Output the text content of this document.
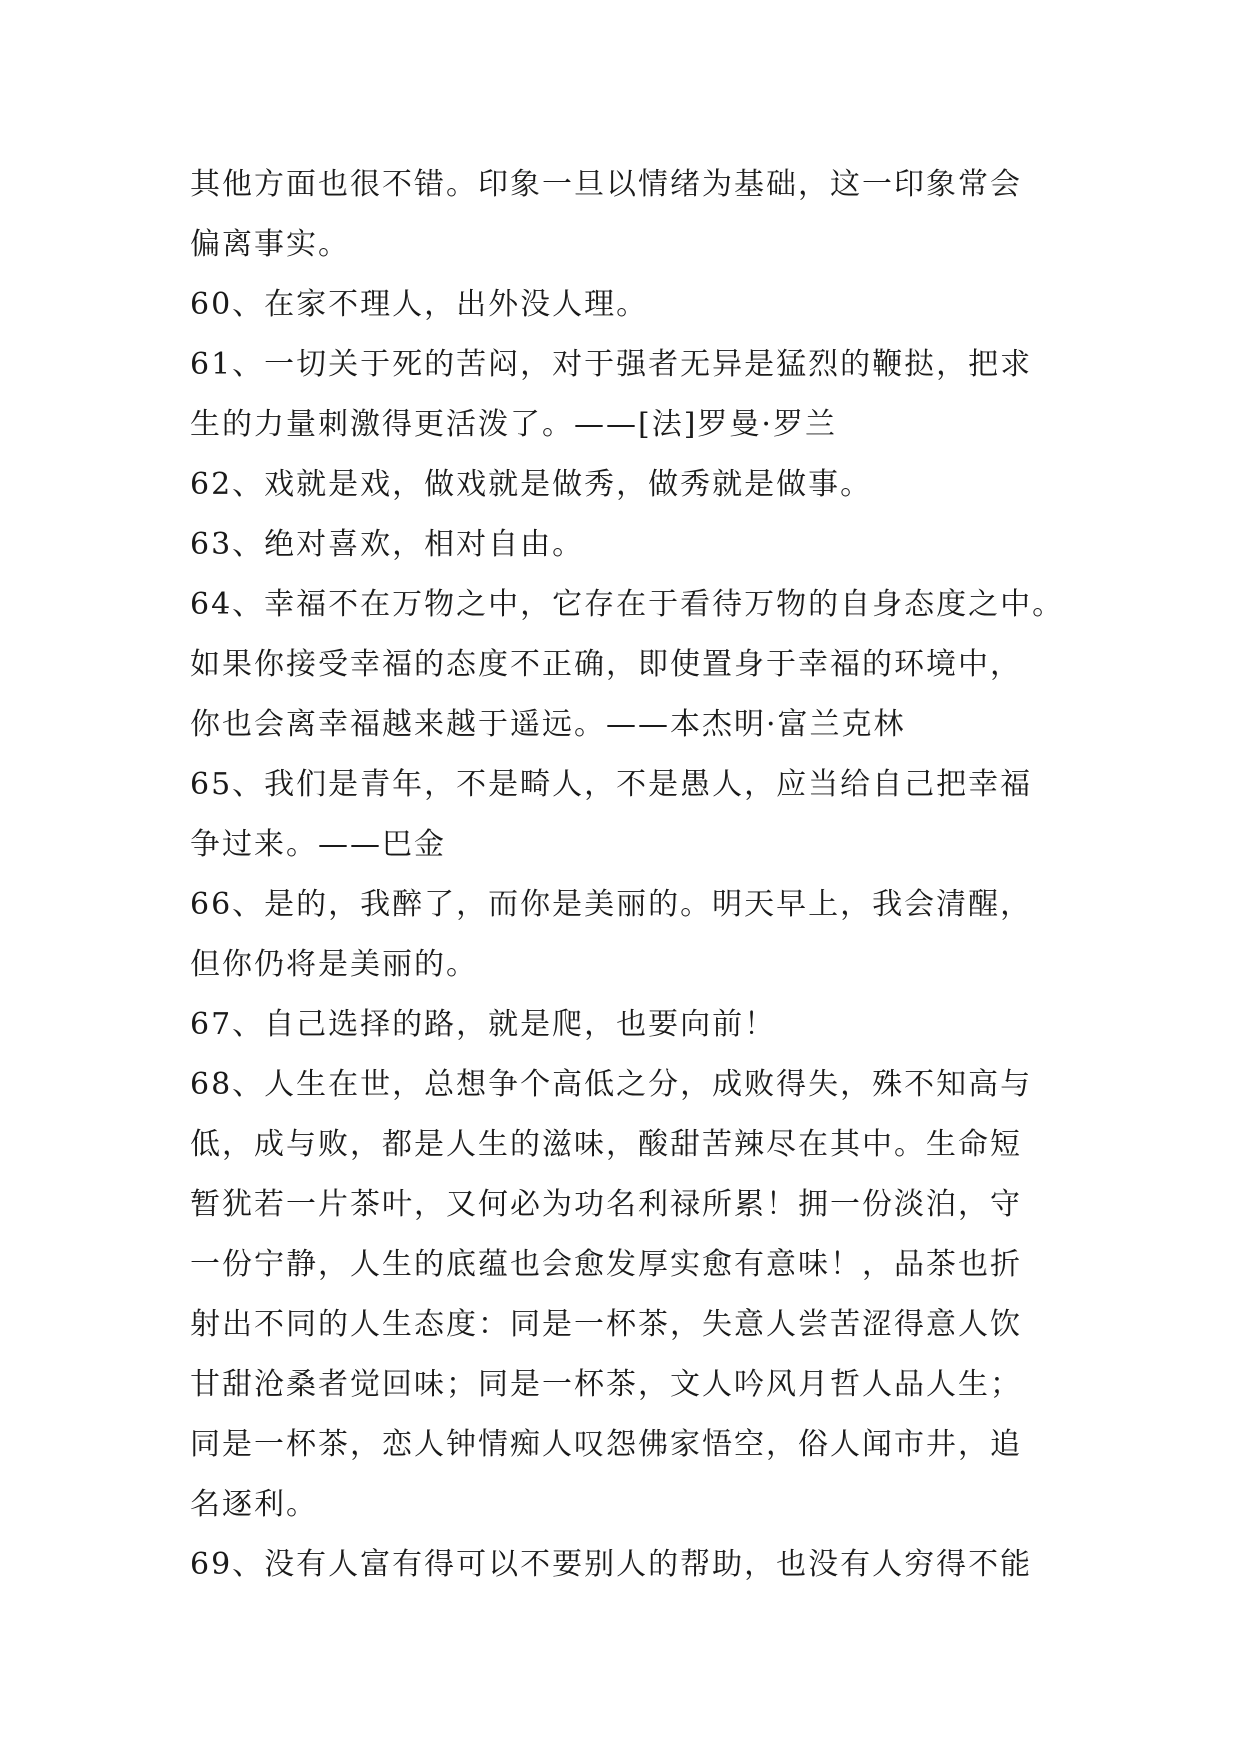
其他方面也很不错。印象一旦以情绪为基础，这一印象常会
偏离事实。
60、在家不理人，出外没人理。
61、一切关于死的苦闷，对于强者无异是猛烈的鞭挞，把求
生的力量刺激得更活泼了。——[法]罗曼·罗兰
62、戏就是戏，做戏就是做秀，做秀就是做事。
63、绝对喜欢，相对自由。
64、幸福不在万物之中，它存在于看待万物的自身态度之中。
如果你接受幸福的态度不正确，即使置身于幸福的环境中，
你也会离幸福越来越于遥远。——本杰明·富兰克林
65、我们是青年，不是畸人，不是愚人，应当给自己把幸福
争过来。——巴金
66、是的，我醉了，而你是美丽的。明天早上，我会清醒，
但你仍将是美丽的。
67、自己选择的路，就是爬，也要向前！
68、人生在世，总想争个高低之分，成败得失，殊不知高与
低，成与败，都是人生的滋味，酸甜苦辣尽在其中。生命短
暂犹若一片茶叶，又何必为功名利禄所累！拥一份淡泊，守
一份宁静，人生的底蕴也会愈发厚实愈有意味！，品茶也折
射出不同的人生态度：同是一杯茶，失意人尝苦涩得意人饮
甘甜沧桑者觉回味；同是一杯茶，文人吟风月哲人品人生；
同是一杯茶，恋人钟情痴人叹怨佛家悟空，俗人闻市井，追
名逐利。
69、没有人富有得可以不要别人的帮助，也没有人穷得不能
